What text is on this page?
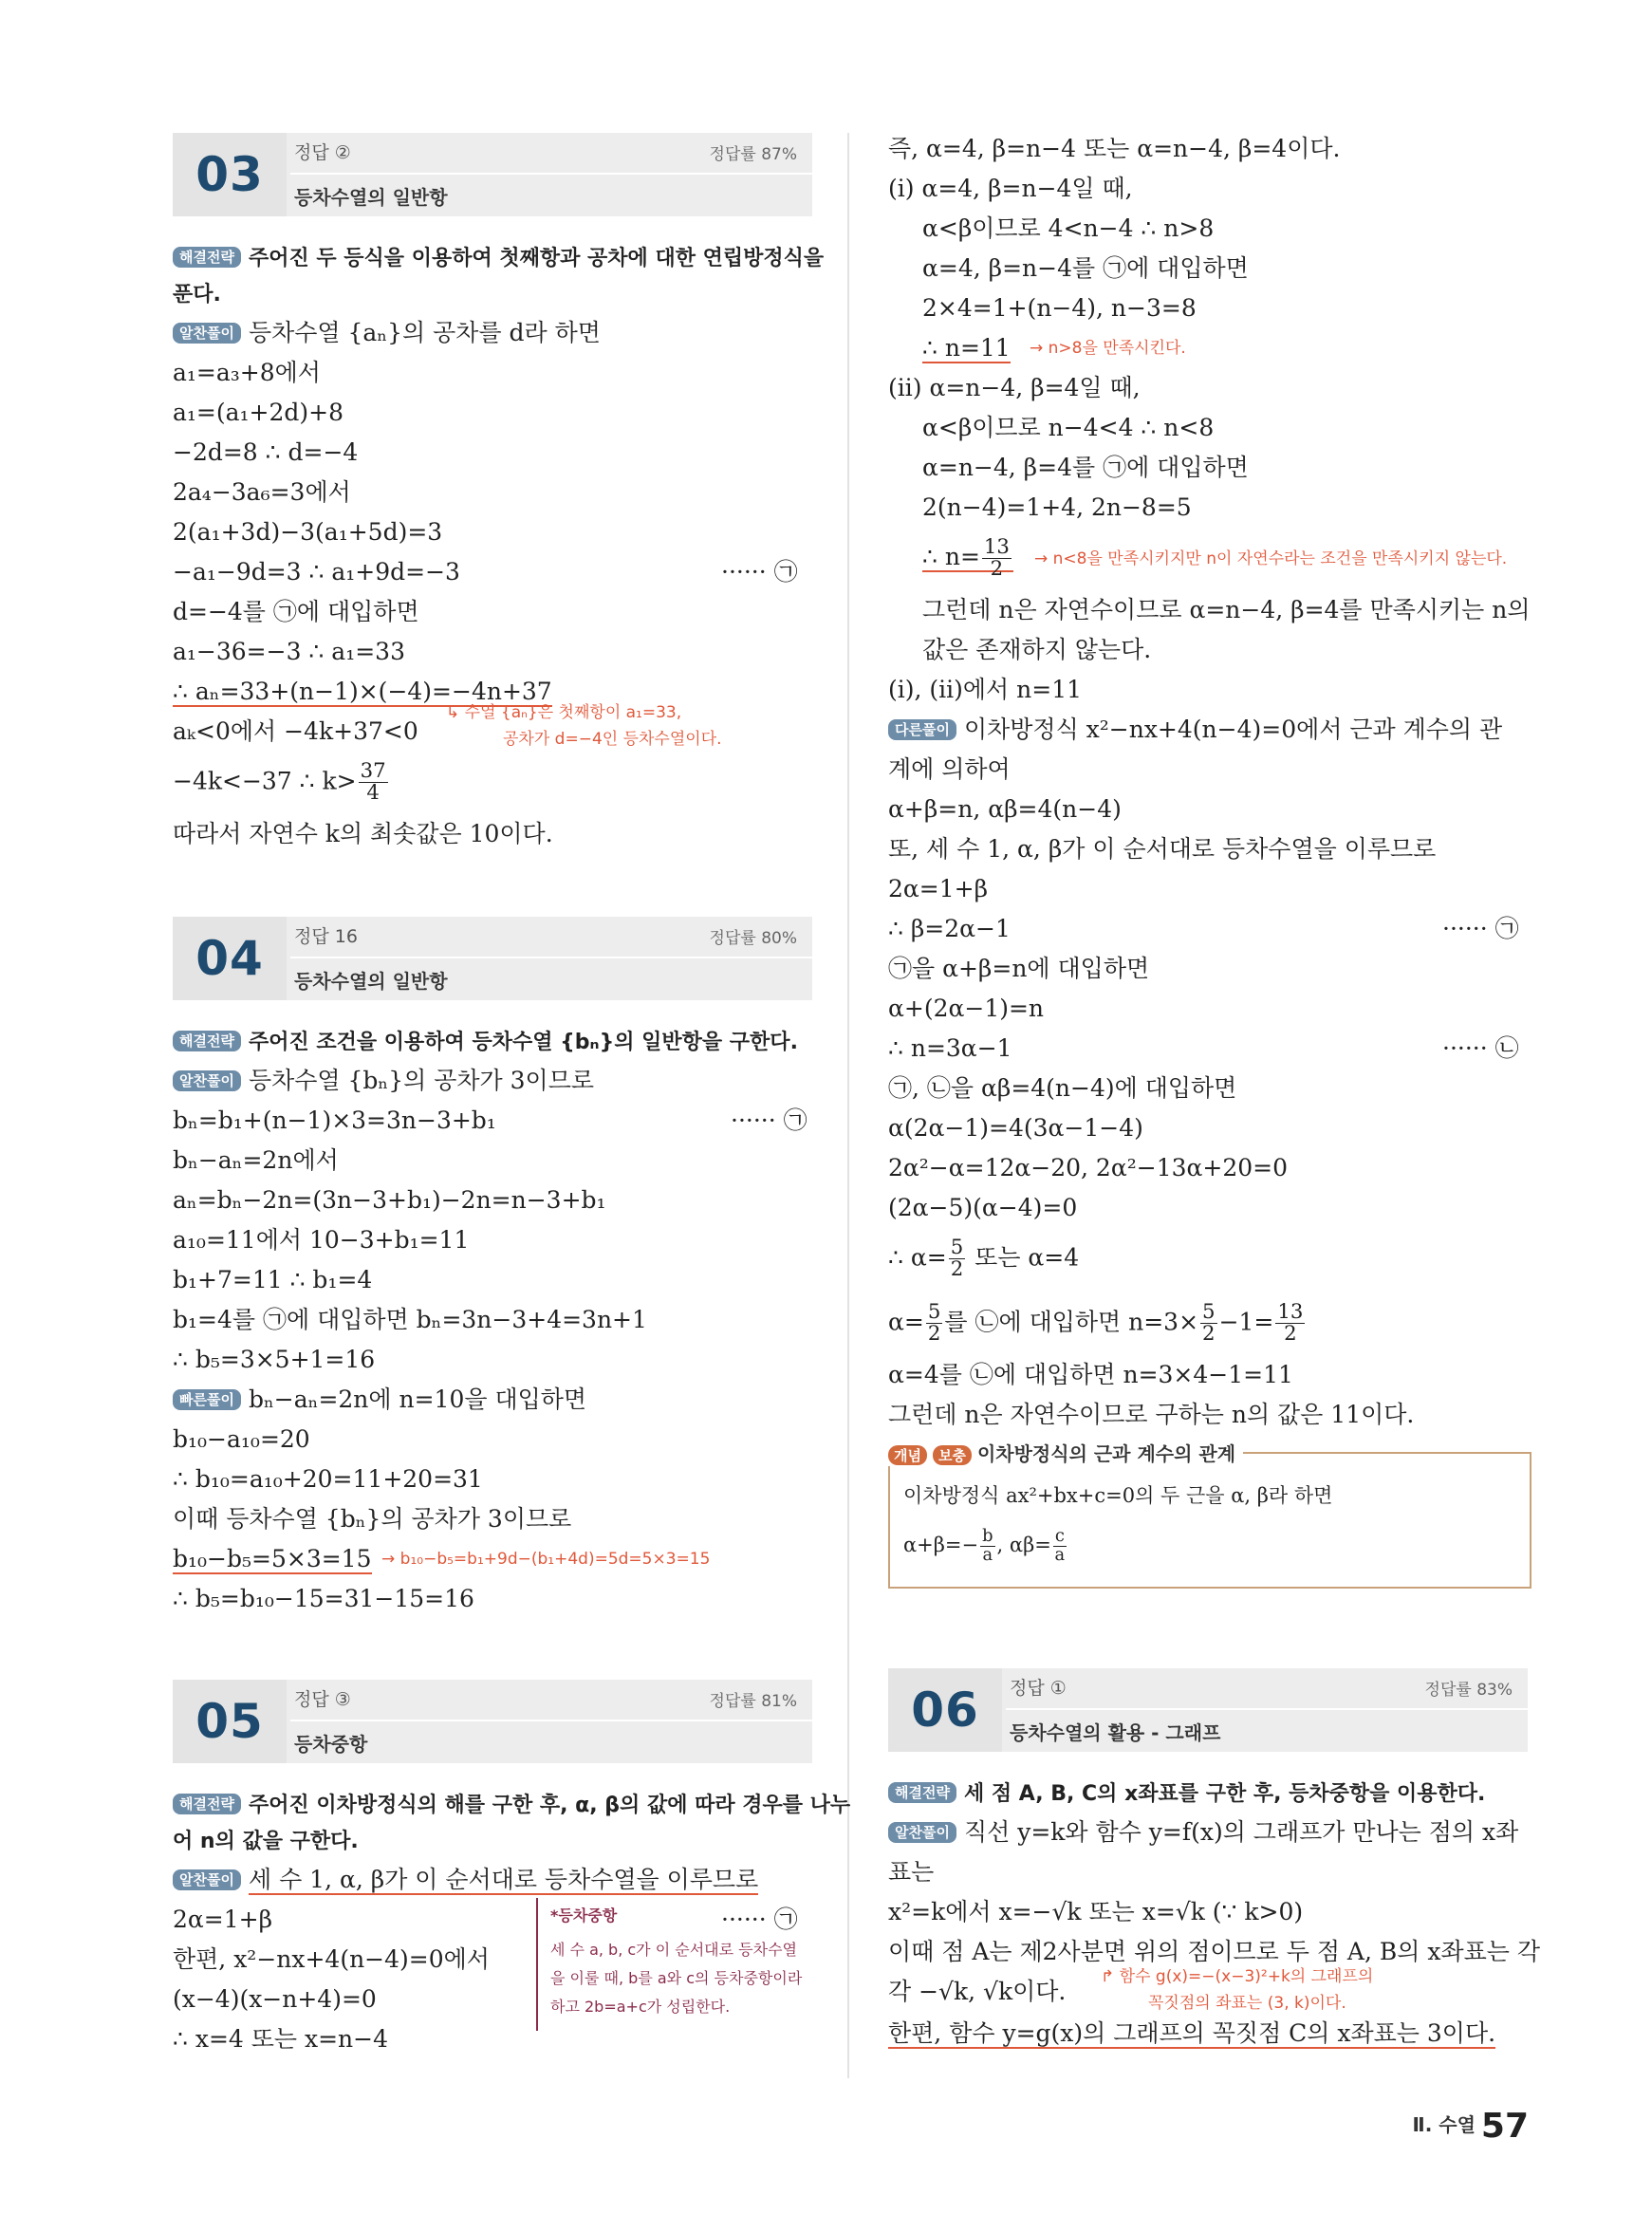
03	정답 ②	정답률 87%
등차수열의 일반항
해결전략 주어진 두 등식을 이용하여 첫째항과 공차에 대한 연립방정식을
푼다.
알찬풀이 등차수열 {aₙ}의 공차를 d라 하면
a₁=a₃+8에서
a₁=(a₁+2d)+8
−2d=8 ∴ d=−4
2a₄−3a₆=3에서
2(a₁+3d)−3(a₁+5d)=3
−a₁−9d=3 ∴ a₁+9d=−3	······ ㉠
d=−4를 ㉠에 대입하면
a₁−36=−3 ∴ a₁=33
∴ aₙ=33+(n−1)×(−4)=−4n+37
aₖ<0에서 −4k+37<0
↳ 수열 {aₙ}은 첫째항이 a₁=33,
공차가 d=−4인 등차수열이다.
−4k<−37 ∴ $k> \frac{37}{4}$
따라서 자연수 k의 최솟값은 10이다.
04	정답 16	정답률 80%
등차수열의 일반항
해결전략 주어진 조건을 이용하여 등차수열 {bₙ}의 일반항을 구한다.
알찬풀이 등차수열 {bₙ}의 공차가 3이므로
bₙ=b₁+(n−1)×3=3n−3+b₁	······ ㉠
bₙ−aₙ=2n에서
aₙ=bₙ−2n=(3n−3+b₁)−2n=n−3+b₁
a₁₀=11에서 10−3+b₁=11
b₁+7=11 ∴ b₁=4
b₁=4를 ㉠에 대입하면 bₙ=3n−3+4=3n+1
∴ b₅=3×5+1=16
빠른풀이 bₙ−aₙ=2n에 n=10을 대입하면
b₁₀−a₁₀=20
∴ b₁₀=a₁₀+20=11+20=31
이때 등차수열 {bₙ}의 공차가 3이므로
b₁₀−b₅=5×3=15 → b₁₀−b₅=b₁+9d−(b₁+4d)=5d=5×3=15
∴ b₅=b₁₀−15=31−15=16
05	정답 ③	정답률 81%
등차중항
해결전략 주어진 이차방정식의 해를 구한 후, α, β의 값에 따라 경우를 나누
어 n의 값을 구한다.
알찬풀이 세 수 1, α, β가 이 순서대로 등차수열을 이루므로
2α=1+β	······ ㉠
한편, x²−nx+4(n−4)=0에서
(x−4)(x−n+4)=0
∴ x=4 또는 x=n−4
*등차중항
세 수 a, b, c가 이 순서대로 등차수열
을 이룰 때, b를 a와 c의 등차중항이라
하고 2b=a+c가 성립한다.
즉, α=4, β=n−4 또는 α=n−4, β=4이다.
(ⅰ) α=4, β=n−4일 때,
α<β이므로 4<n−4 ∴ n>8
α=4, β=n−4를 ㉠에 대입하면
2×4=1+(n−4), n−3=8
∴ n=11 → n>8을 만족시킨다.
(ⅱ) α=n−4, β=4일 때,
α<β이므로 n−4<4 ∴ n<8
α=n−4, β=4를 ㉠에 대입하면
2(n−4)=1+4, 2n−8=5
∴ $n= \frac{13}{2} \to n<8$을 만족시키지만 n이 자연수라는 조건을 만족시키지 않는다.
그런데 n은 자연수이므로 α=n−4, β=4를 만족시키는 n의
값은 존재하지 않는다.
(ⅰ), (ⅱ)에서 n=11
다른풀이 이차방정식 x²−nx+4(n−4)=0에서 근과 계수의 관
계에 의하여
α+β=n, αβ=4(n−4)
또, 세 수 1, α, β가 이 순서대로 등차수열을 이루므로
2α=1+β
∴ β=2α−1	······ ㉠
㉠을 α+β=n에 대입하면
α+(2α−1)=n
∴ n=3α−1	······ ㉡
㉠, ㉡을 αβ=4(n−4)에 대입하면
α(2α−1)=4(3α−1−4)
2α²−α=12α−20, 2α²−13α+20=0
(2α−5)(α−4)=0
∴ $\alpha= \frac{5}{2}$ 또는 α=4
$\alpha= \frac{5}{2}$ 를 ㉡에 대입하면 $n=3\times \frac{5}{2} -1= \frac{13}{2}$
α=4를 ㉡에 대입하면 n=3×4−1=11
그런데 n은 자연수이므로 구하는 n의 값은 11이다.
개념 보충 이차방정식의 근과 계수의 관계
이차방정식 ax²+bx+c=0의 두 근을 α, β라 하면
$\alpha+\beta=- \frac{b}{a}$ , $\alpha\beta= \frac{c}{a}$
06	정답 ①	정답률 83%
등차수열의 활용 - 그래프
해결전략 세 점 A, B, C의 x좌표를 구한 후, 등차중항을 이용한다.
알찬풀이 직선 y=k와 함수 y=f(x)의 그래프가 만나는 점의 x좌
표는
x²=k에서 x=−√k 또는 x=√k (∵ k>0)
이때 점 A는 제2사분면 위의 점이므로 두 점 A, B의 x좌표는 각
각 −√k, √k이다.
↱ 함수 g(x)=−(x−3)²+k의 그래프의
꼭짓점의 좌표는 (3, k)이다.
한편, 함수 y=g(x)의 그래프의 꼭짓점 C의 x좌표는 3이다.
Ⅱ. 수열 57
